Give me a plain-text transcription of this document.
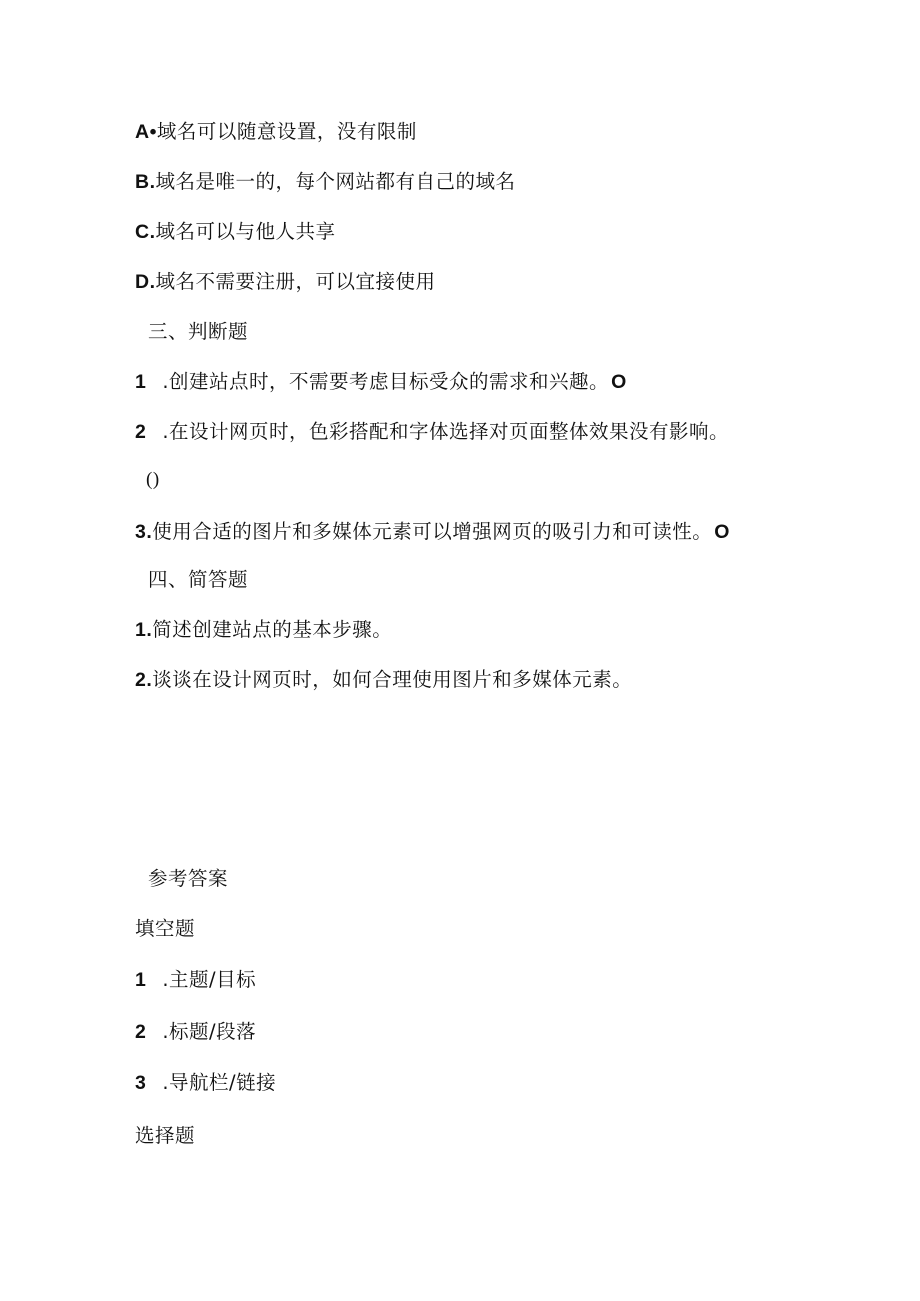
A•域名可以随意设置，没有限制
B.域名是唯一的，每个网站都有自己的域名
C.域名可以与他人共享
D.域名不需要注册，可以宜接使用
三、判断题
1 .创建站点时，不需要考虑目标受众的需求和兴趣。 O
2 .在设计网页时，色彩搭配和字体选择对页面整体效果没有影响。
()
3.使用合适的图片和多媒体元素可以增强网页的吸引力和可读性。 O
四、简答题
1.简述创建站点的基本步骤。
2.谈谈在设计网页时，如何合理使用图片和多媒体元素。
参考答案
填空题
1 .主题/目标
2 .标题/段落
3 .导航栏/链接
选择题
